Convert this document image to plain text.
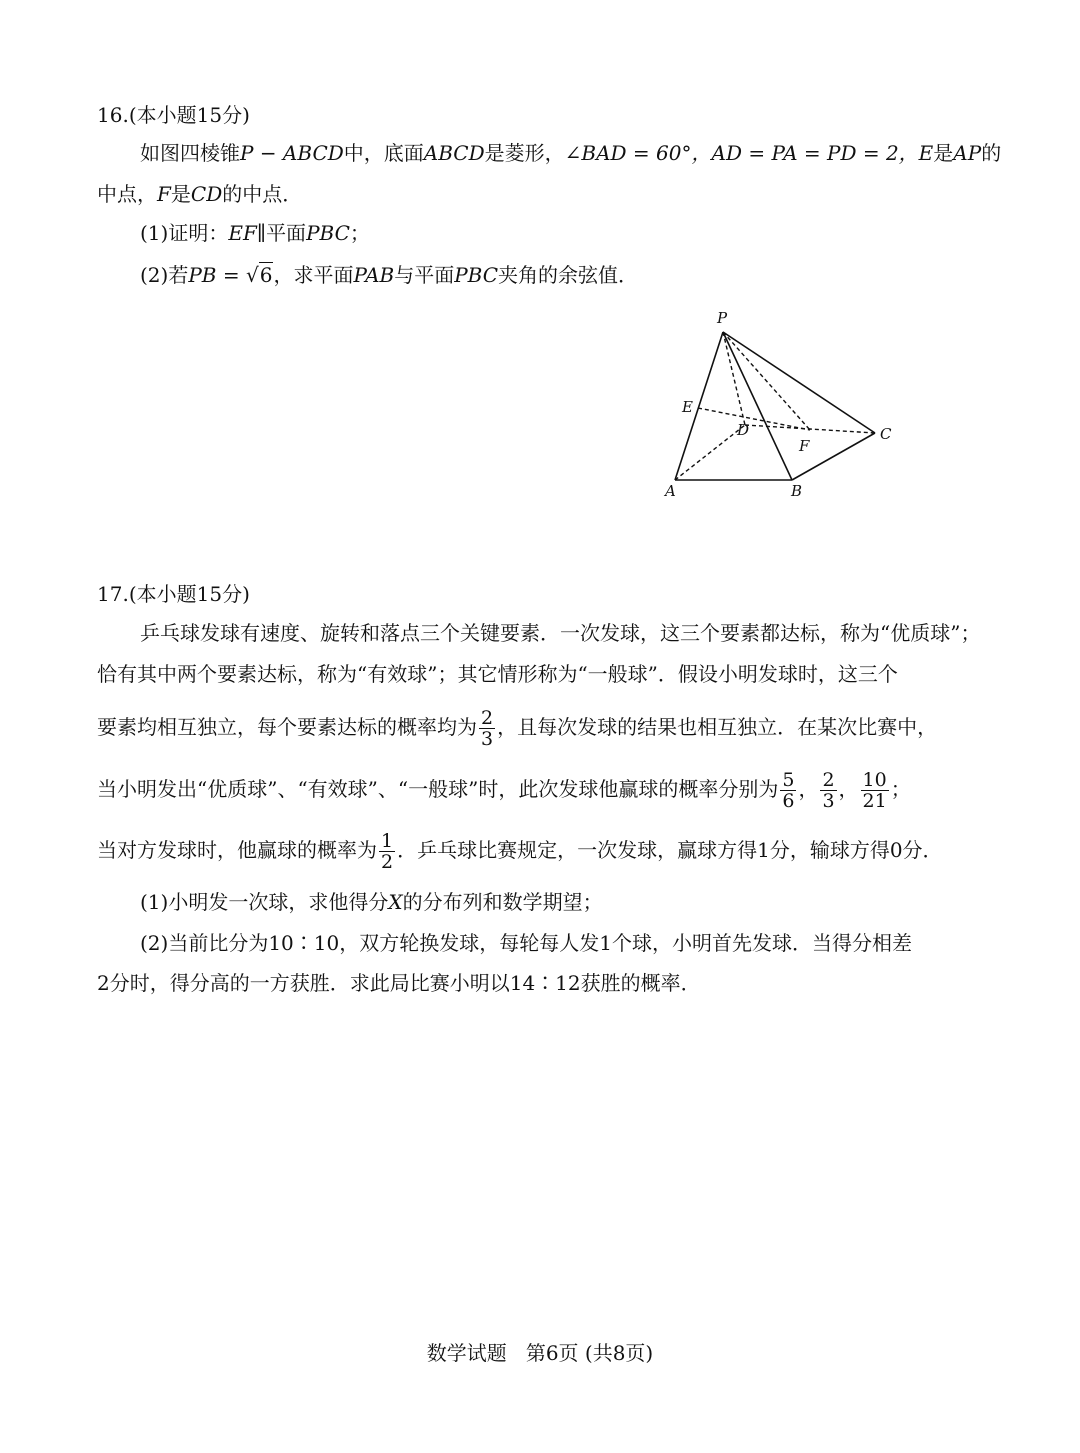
16.(本小题15分)
如图四棱锥P − ABCD中，底面ABCD是菱形，∠BAD = 60°，AD = PA = PD = 2，E是AP的
中点，F是CD的中点．
(1)证明：EF∥平面PBC；
(2)若PB = √6，求平面PAB与平面PBC夹角的余弦值．
P
E
D
F
C
A	B
17.(本小题15分)
乒乓球发球有速度、旋转和落点三个关键要素．一次发球，这三个要素都达标，称为“优质球”；
恰有其中两个要素达标，称为“有效球”；其它情形称为“一般球”．假设小明发球时，这三个
要素均相互独立，每个要素达标的概率均为 $\frac{2}{3}$ ，且每次发球的结果也相互独立．在某次比赛中，
当小明发出“优质球”、“有效球”、“一般球”时，此次发球他赢球的概率分别为 $\frac{5}{6}$ ， $\frac{2}{3}$ ， $\frac{10}{21}$ ；
当对方发球时，他赢球的概率为 $\frac{1}{2}$ ．乒乓球比赛规定，一次发球，赢球方得1分，输球方得0分．
(1)小明发一次球，求他得分X的分布列和数学期望；
(2)当前比分为10∶10，双方轮换发球，每轮每人发1个球，小明首先发球．当得分相差
2分时，得分高的一方获胜．求此局比赛小明以14∶12获胜的概率．
数学试题 第6页 (共8页)
